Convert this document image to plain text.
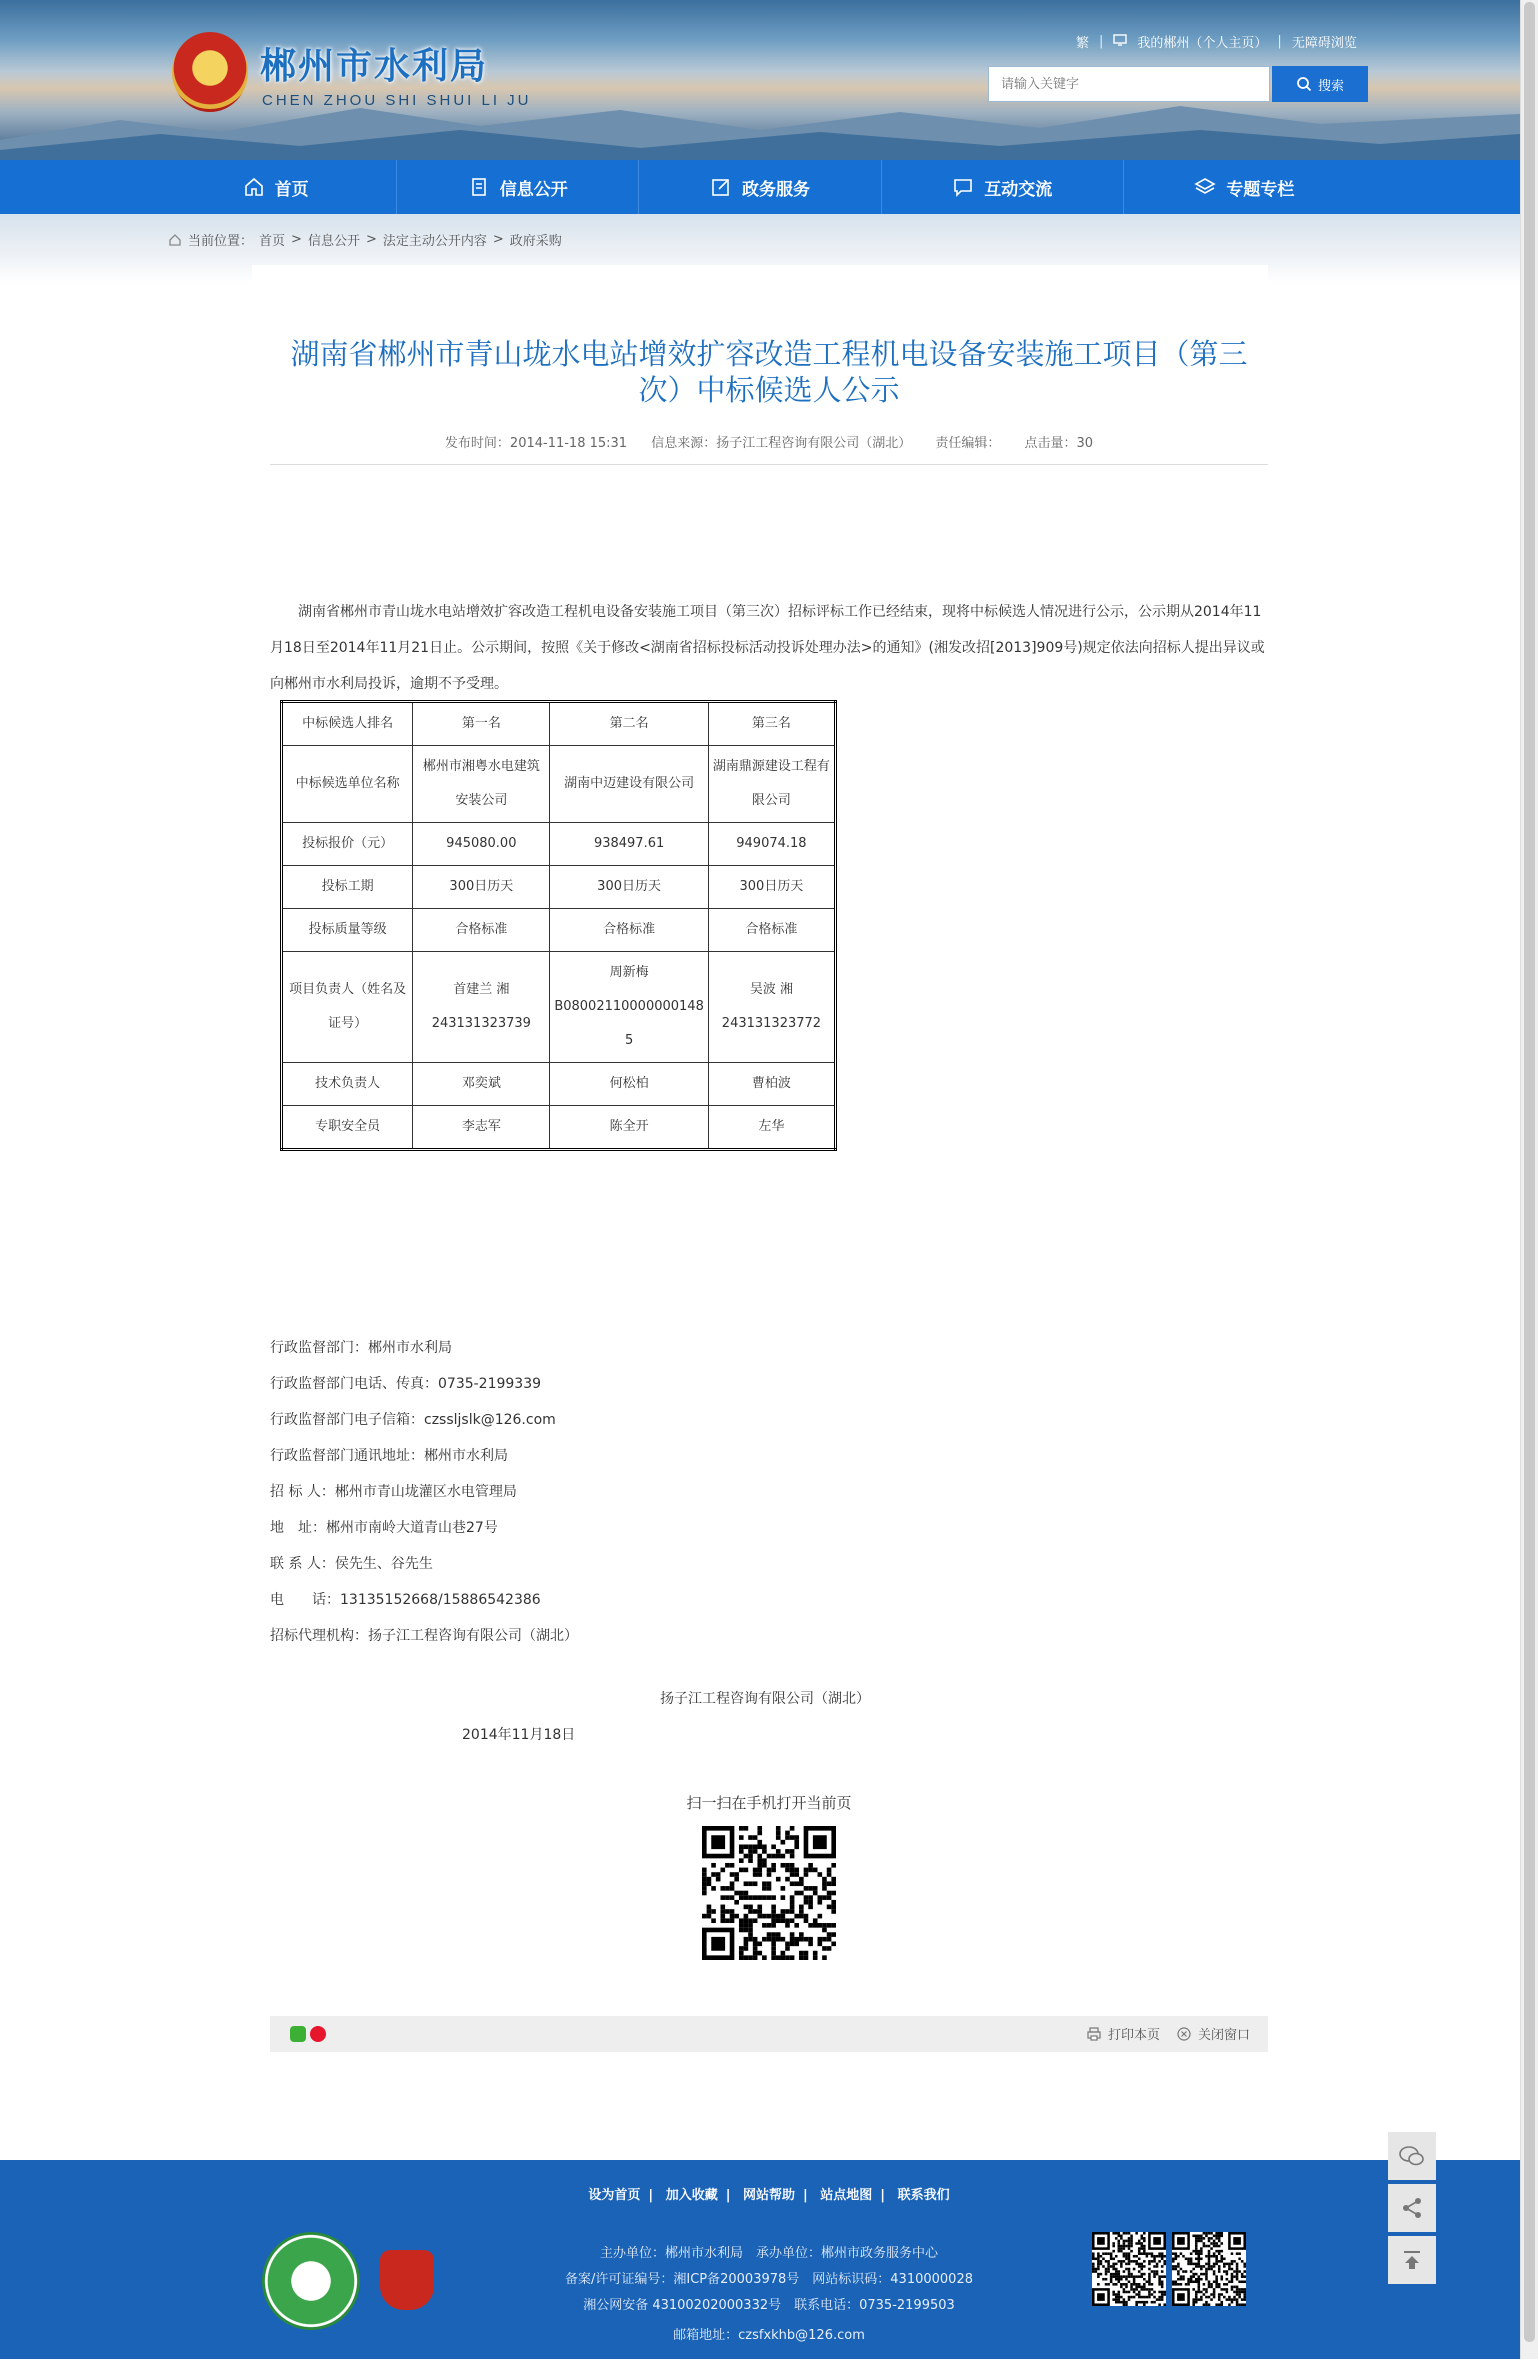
郴州市水利局
CHEN ZHOU SHI SHUI LI JU
繁 |	我的郴州（个人主页） | 无障碍浏览
请输入关键字
搜索
首页	信息公开	政务服务	互动交流	专题专栏
当前位置： 首页 > 信息公开 > 法定主动公开内容 > 政府采购
湖南省郴州市青山垅水电站增效扩容改造工程机电设备安装施工项目（第三次）中标候选人公示
发布时间：2014-11-18 15:31 信息来源：扬子江工程咨询有限公司（湖北） 责任编辑： 点击量：30
湖南省郴州市青山垅水电站增效扩容改造工程机电设备安装施工项目（第三次）招标评标工作已经结束，现将中标候选人情况进行公示，公示期从2014年11月18日至2014年11月21日止。公示期间，按照《关于修改<湖南省招标投标活动投诉处理办法>的通知》(湘发改招[2013]909号)规定依法向招标人提出异议或向郴州市水利局投诉，逾期不予受理。
中标候选人排名	第一名	第二名	第三名
中标候选单位名称	郴州市湘粤水电建筑安装公司	湖南中迈建设有限公司	湖南鼎源建设工程有限公司
投标报价（元）	945080.00	938497.61	949074.18
投标工期	300日历天	300日历天	300日历天
投标质量等级	合格标准	合格标准	合格标准
项目负责人（姓名及证号）	首建兰 湘243131323739	周新梅 B08002110000000148 5	吴波 湘243131323772
技术负责人	邓奕斌	何松柏	曹柏波
专职安全员	李志军	陈全开	左华
行政监督部门：郴州市水利局
行政监督部门电话、传真：0735-2199339
行政监督部门电子信箱：czssljslk@126.com
行政监督部门通讯地址：郴州市水利局
招 标 人：郴州市青山垅灌区水电管理局
地　址：郴州市南岭大道青山巷27号
联 系 人：侯先生、谷先生
电　　话：13135152668/15886542386
招标代理机构：扬子江工程咨询有限公司（湖北）
扬子江工程咨询有限公司（湖北）
2014年11月18日
扫一扫在手机打开当前页
打印本页	关闭窗口
设为首页 | 加入收藏 | 网站帮助 | 站点地图 | 联系我们
主办单位：郴州市水利局　承办单位：郴州市政务服务中心
备案/许可证编号：湘ICP备20003978号　网站标识码：4310000028
湘公网安备 43100202000332号　联系电话：0735-2199503
邮箱地址：czsfxkhb@126.com
